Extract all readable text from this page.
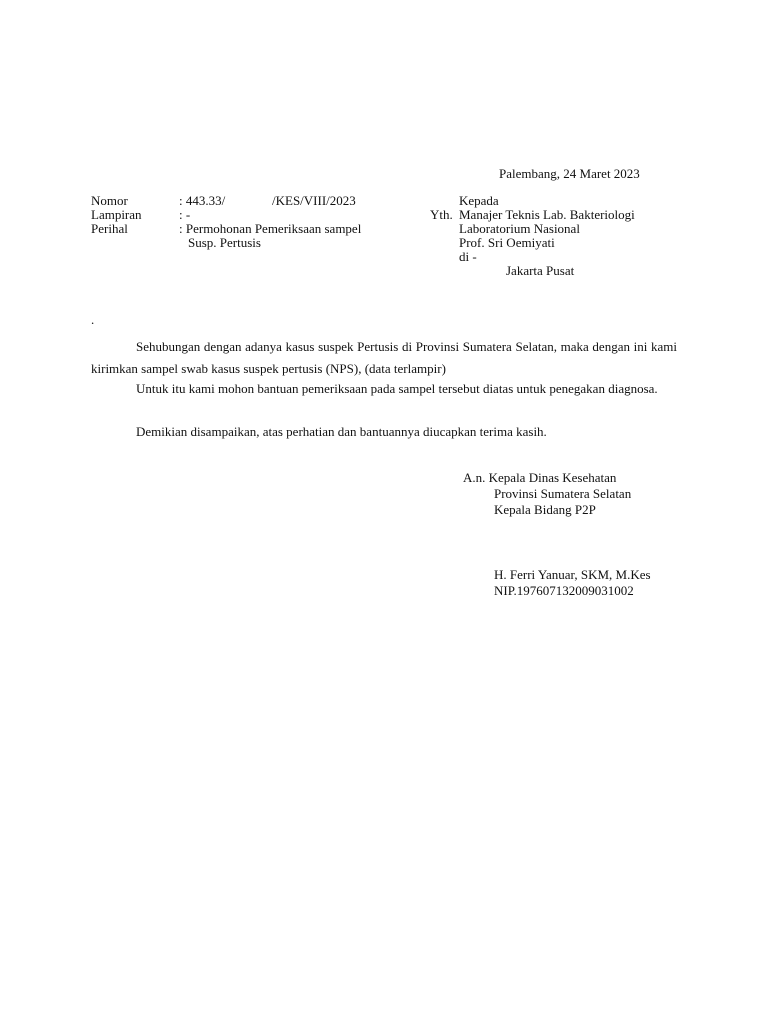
Palembang, 24 Maret 2023
Nomor	: 443.33/	/KES/VIII/2023
Lampiran	: -
Perihal	: Permohonan Pemeriksaan sampel
Susp. Pertusis
Kepada
Yth. Manajer Teknis Lab. Bakteriologi
Laboratorium Nasional
Prof. Sri Oemiyati
di -
Jakarta Pusat
.

Sehubungan dengan adanya kasus suspek Pertusis di Provinsi Sumatera Selatan, maka dengan ini kami kirimkan sampel swab kasus suspek pertusis (NPS), (data terlampir)

Untuk itu kami mohon bantuan pemeriksaan pada sampel tersebut diatas untuk penegakan diagnosa.

Demikian disampaikan, atas perhatian dan bantuannya diucapkan terima kasih.

A.n. Kepala Dinas Kesehatan
Provinsi Sumatera Selatan
Kepala Bidang P2P
H. Ferri Yanuar, SKM, M.Kes
NIP.197607132009031002
